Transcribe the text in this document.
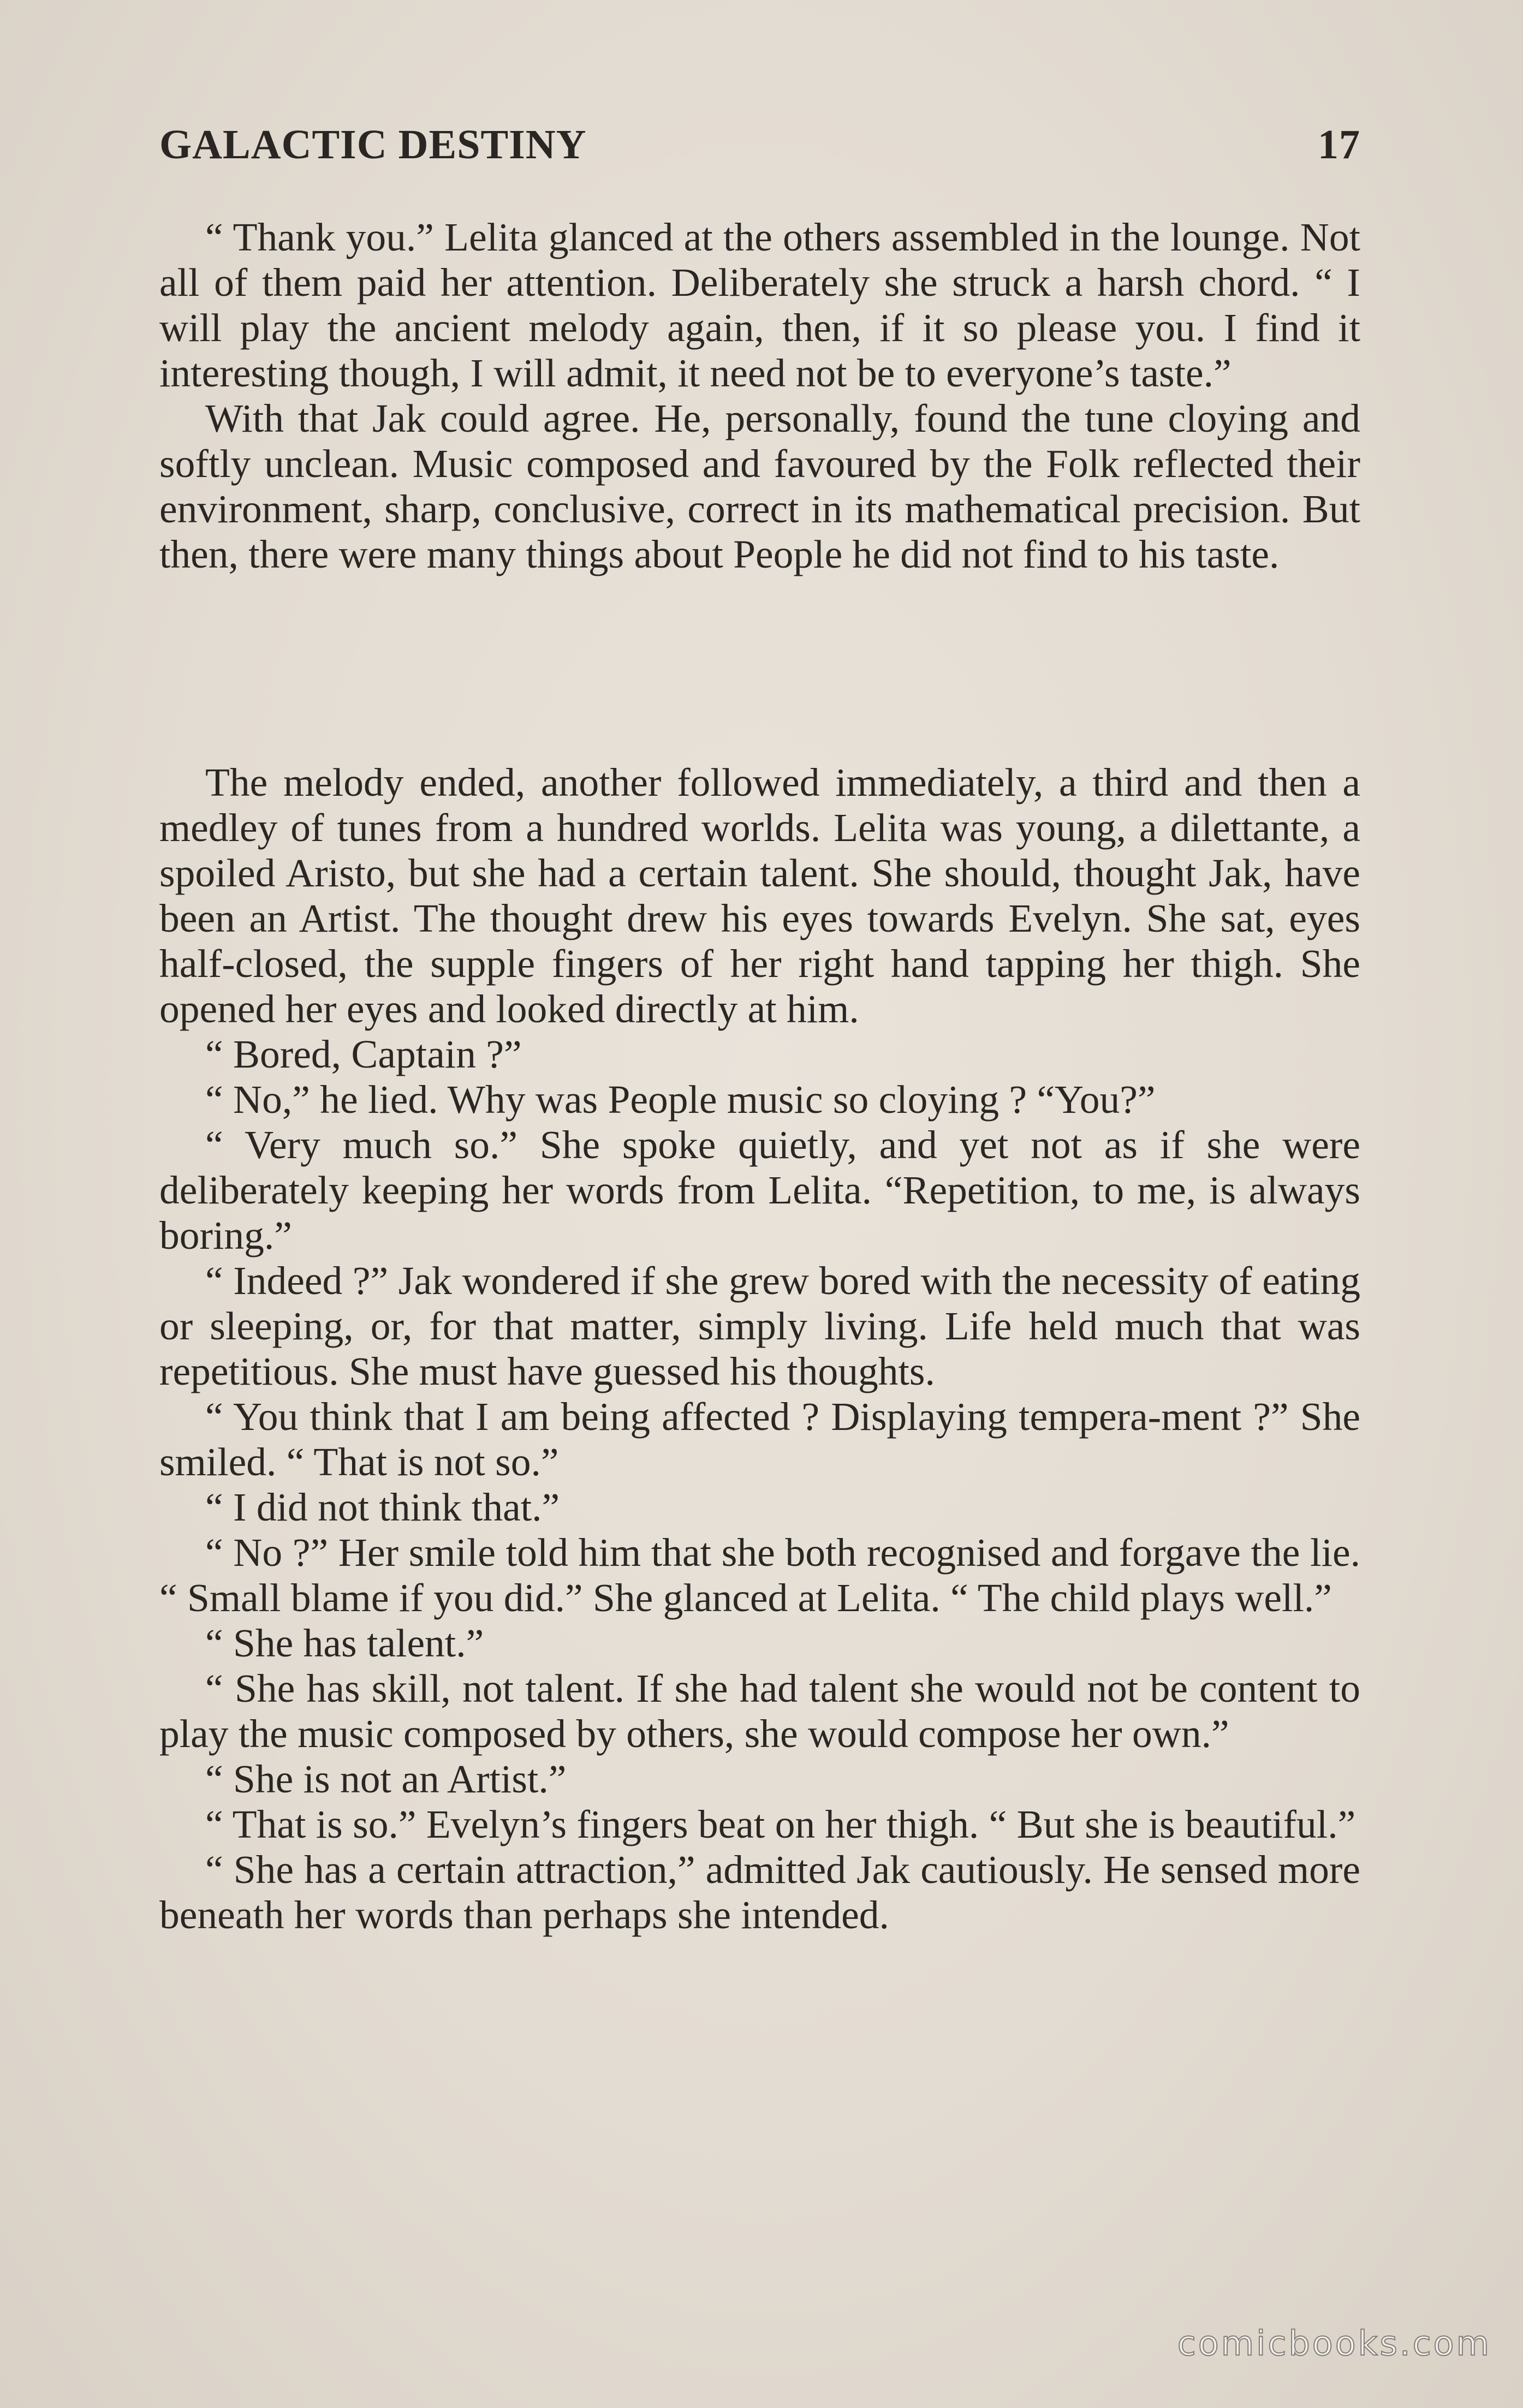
GALACTIC DESTINY	17

“ Thank you.” Lelita glanced at the others assembled in the lounge. Not all of them paid her attention. Deliberately she struck a harsh chord. “ I will play the ancient melody again, then, if it so please you. I find it interesting though, I will admit, it need not be to everyone’s taste.”

With that Jak could agree. He, personally, found the tune cloying and softly unclean. Music composed and favoured by the Folk reflected their environment, sharp, conclusive, correct in its mathematical precision. But then, there were many things about People he did not find to his taste.

The melody ended, another followed immediately, a third and then a medley of tunes from a hundred worlds. Lelita was young, a dilettante, a spoiled Aristo, but she had a certain talent. She should, thought Jak, have been an Artist. The thought drew his eyes towards Evelyn. She sat, eyes half-closed, the supple fingers of her right hand tapping her thigh. She opened her eyes and looked directly at him.

“ Bored, Captain ?”

“ No,” he lied. Why was People music so cloying ? “You?”

“ Very much so.” She spoke quietly, and yet not as if she were deliberately keeping her words from Lelita. “Repetition, to me, is always boring.”

“ Indeed ?” Jak wondered if she grew bored with the necessity of eating or sleeping, or, for that matter, simply living. Life held much that was repetitious. She must have guessed his thoughts.

“ You think that I am being affected ? Displaying tempera-ment ?” She smiled. “ That is not so.”

“ I did not think that.”

“ No ?” Her smile told him that she both recognised and forgave the lie. “ Small blame if you did.” She glanced at Lelita. “ The child plays well.”

“ She has talent.”

“ She has skill, not talent. If she had talent she would not be content to play the music composed by others, she would compose her own.”

“ She is not an Artist.”

“ That is so.” Evelyn’s fingers beat on her thigh. “ But she is beautiful.”

“ She has a certain attraction,” admitted Jak cautiously. He sensed more beneath her words than perhaps she intended.

comicbooks.com
